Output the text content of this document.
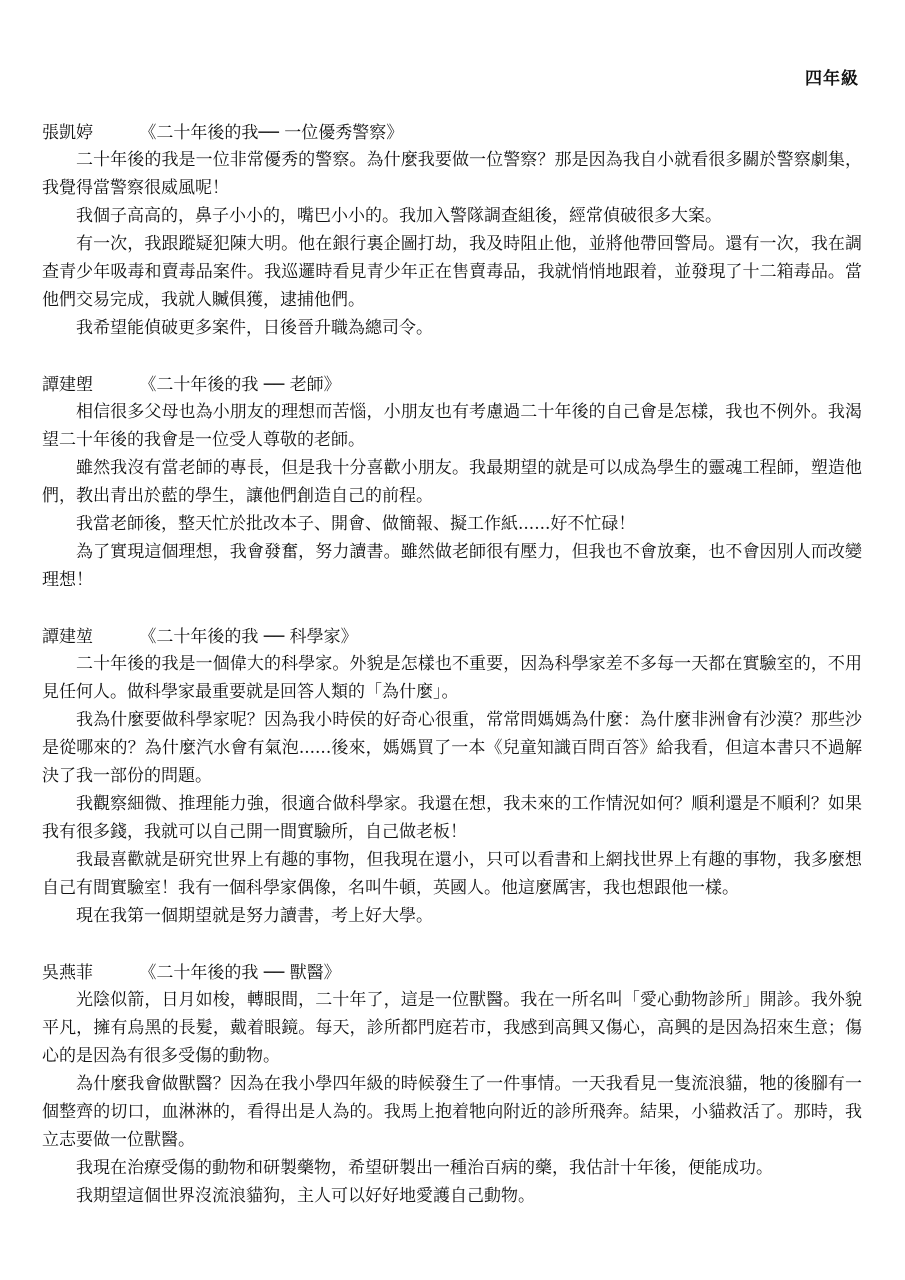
四年級
張凱婷	《二十年後的我── 一位優秀警察》

二十年後的我是一位非常優秀的警察。為什麼我要做一位警察？那是因為我自小就看很多關於警察劇集，我覺得當警察很威風呢！

我個子高高的，鼻子小小的，嘴巴小小的。我加入警隊調查組後，經常偵破很多大案。

有一次，我跟蹤疑犯陳大明。他在銀行裏企圖打劫，我及時阻止他，並將他帶回警局。還有一次，我在調查青少年吸毒和賣毒品案件。我巡邏時看見青少年正在售賣毒品，我就悄悄地跟着，並發現了十二箱毒品。當他們交易完成，我就人贓俱獲，逮捕他們。

我希望能偵破更多案件，日後晉升職為總司令。

譚建塱	《二十年後的我 ── 老師》

相信很多父母也為小朋友的理想而苦惱，小朋友也有考慮過二十年後的自己會是怎樣，我也不例外。我渴望二十年後的我會是一位受人尊敬的老師。

雖然我沒有當老師的專長，但是我十分喜歡小朋友。我最期望的就是可以成為學生的靈魂工程師，塑造他們，教出青出於藍的學生，讓他們創造自己的前程。

我當老師後，整天忙於批改本子、開會、做簡報、擬工作紙......好不忙碌！

為了實現這個理想，我會發奮，努力讀書。雖然做老師很有壓力，但我也不會放棄，也不會因別人而改變理想！

譚建堃	《二十年後的我 ── 科學家》

二十年後的我是一個偉大的科學家。外貌是怎樣也不重要，因為科學家差不多每一天都在實驗室的，不用見任何人。做科學家最重要就是回答人類的「為什麼」。

我為什麼要做科學家呢？因為我小時侯的好奇心很重，常常問媽媽為什麼：為什麼非洲會有沙漠？那些沙是從哪來的？為什麼汽水會有氣泡......後來，媽媽買了一本《兒童知識百問百答》給我看，但這本書只不過解決了我一部份的問題。

我觀察細微、推理能力強，很適合做科學家。我還在想，我未來的工作情況如何？順利還是不順利？如果我有很多錢，我就可以自己開一間實驗所，自己做老板！

我最喜歡就是研究世界上有趣的事物，但我現在還小，只可以看書和上網找世界上有趣的事物，我多麼想自己有間實驗室！我有一個科學家偶像，名叫牛頓，英國人。他這麼厲害，我也想跟他一樣。

現在我第一個期望就是努力讀書，考上好大學。

吳燕菲	《二十年後的我 ── 獸醫》

光陰似箭，日月如梭，轉眼間，二十年了，這是一位獸醫。我在一所名叫「愛心動物診所」開診。我外貌平凡，擁有烏黑的長髮，戴着眼鏡。每天，診所都門庭若市，我感到高興又傷心，高興的是因為招來生意；傷心的是因為有很多受傷的動物。

為什麼我會做獸醫？因為在我小學四年級的時候發生了一件事情。一天我看見一隻流浪貓，牠的後腳有一個整齊的切口，血淋淋的，看得出是人為的。我馬上抱着牠向附近的診所飛奔。結果，小貓救活了。那時，我立志要做一位獸醫。

我現在治療受傷的動物和研製藥物，希望研製出一種治百病的藥，我估計十年後，便能成功。

我期望這個世界沒流浪貓狗，主人可以好好地愛護自己動物。
